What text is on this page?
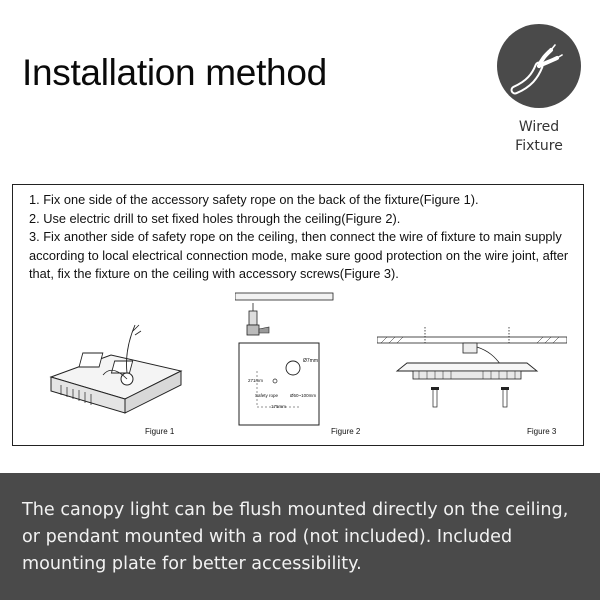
Installation method
Wired
Fixture

1. Fix one side of the accessory safety rope on the back of the fixture(Figure 1).

2. Use electric drill to set fixed holes through the ceiling(Figure 2).

3. Fix another side of safety rope on the ceiling, then connect the wire of fixture to main supply according to local electrical connection mode, make sure good protection on the wire joint, after that, fix the fixture on the ceiling with accessory screws(Figure 3).

Figure 1
Ø7mm
271mm
Safety rope	Ø50~100mm
175mm
Figure 2	Figure 3

The canopy light can be flush mounted directly on the ceiling, or pendant mounted with a rod (not included). Included mounting plate for better accessibility.
